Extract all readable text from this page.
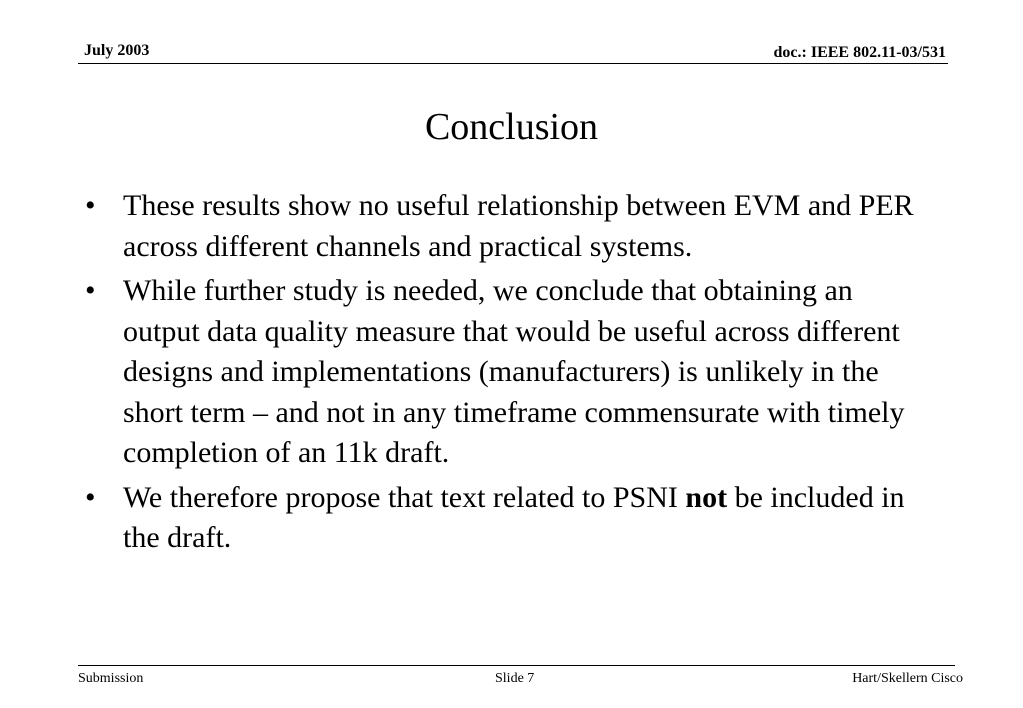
July 2003	doc.: IEEE 802.11-03/531
Conclusion
• These results show no useful relationship between EVM and PER across different channels and practical systems.
• While further study is needed, we conclude that obtaining an output data quality measure that would be useful across different designs and implementations (manufacturers) is unlikely in the short term – and not in any timeframe commensurate with timely completion of an 11k draft.
• We therefore propose that text related to PSNI not be included in the draft.
Submission	Slide 7	Hart/Skellern Cisco
